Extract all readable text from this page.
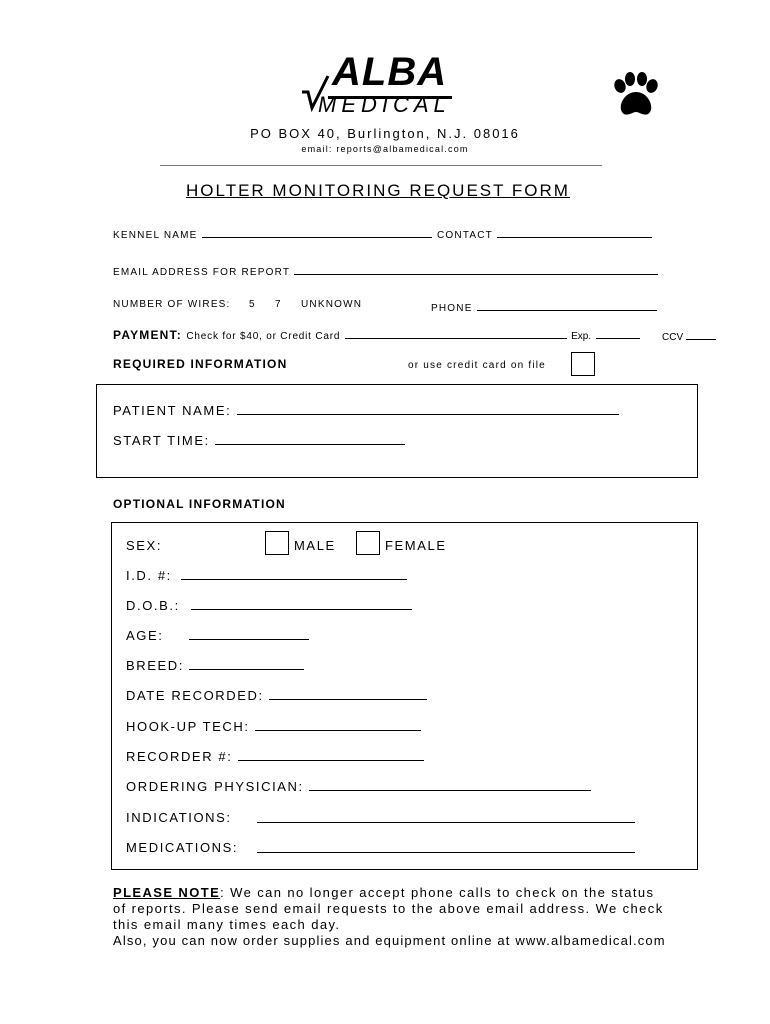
ALBA
MEDICAL
PO BOX 40, Burlington, N.J. 08016
email: reports@albamedical.com
HOLTER MONITORING REQUEST FORM
KENNEL NAME	CONTACT
EMAIL ADDRESS FOR REPORT
NUMBER OF WIRES: 5 7 UNKNOWN	PHONE
PAYMENT: Check for $40, or Credit Card	Exp.	CCV
REQUIRED INFORMATION	or use credit card on file
PATIENT NAME:
START TIME:
OPTIONAL INFORMATION
SEX:	MALE	FEMALE
I.D. #:
D.O.B.:
AGE:
BREED:
DATE RECORDED:
HOOK-UP TECH:
RECORDER #:
ORDERING PHYSICIAN:
INDICATIONS:
MEDICATIONS:
PLEASE NOTE: We can no longer accept phone calls to check on the status
of reports. Please send email requests to the above email address. We check
this email many times each day.
Also, you can now order supplies and equipment online at www.albamedical.com
